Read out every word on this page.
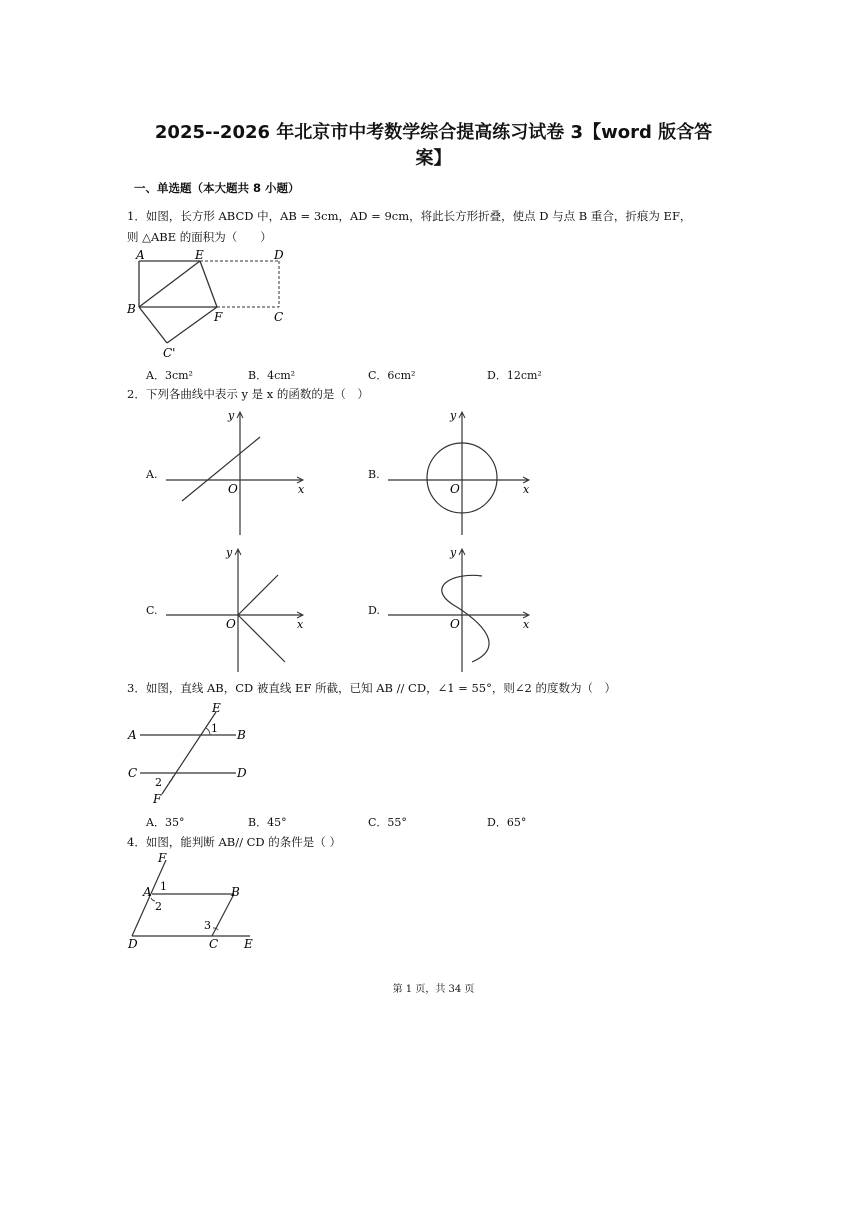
2025--2026 年北京市中考数学综合提高练习试卷 3【word 版含答
案】
一、单选题（本大题共 8 小题）
1．如图，长方形 ABCD 中，AB = 3cm，AD = 9cm，将此长方形折叠，使点 D 与点 B 重合，折痕为 EF，
则 △ABE 的面积为（　　）
A	E	D
B
F	C
C'
A．3cm²	B．4cm²	C．6cm²	D．12cm²
2．下列各曲线中表示 y 是 x 的函数的是（　）
A.
O	x
y
B.
O	x
y
C.
O	x
y
D.
O	x
y
3．如图，直线 AB，CD 被直线 EF 所截，已知 AB // CD，∠1 = 55°，则∠2 的度数为（　）
A	B
C	D
E
F
1
2
A．35°	B．45°	C．55°	D．65°
4．如图，能判断 AB// CD 的条件是（ ）
F
A	B
D	C E
1
2
3
第 1 页，共 34 页
